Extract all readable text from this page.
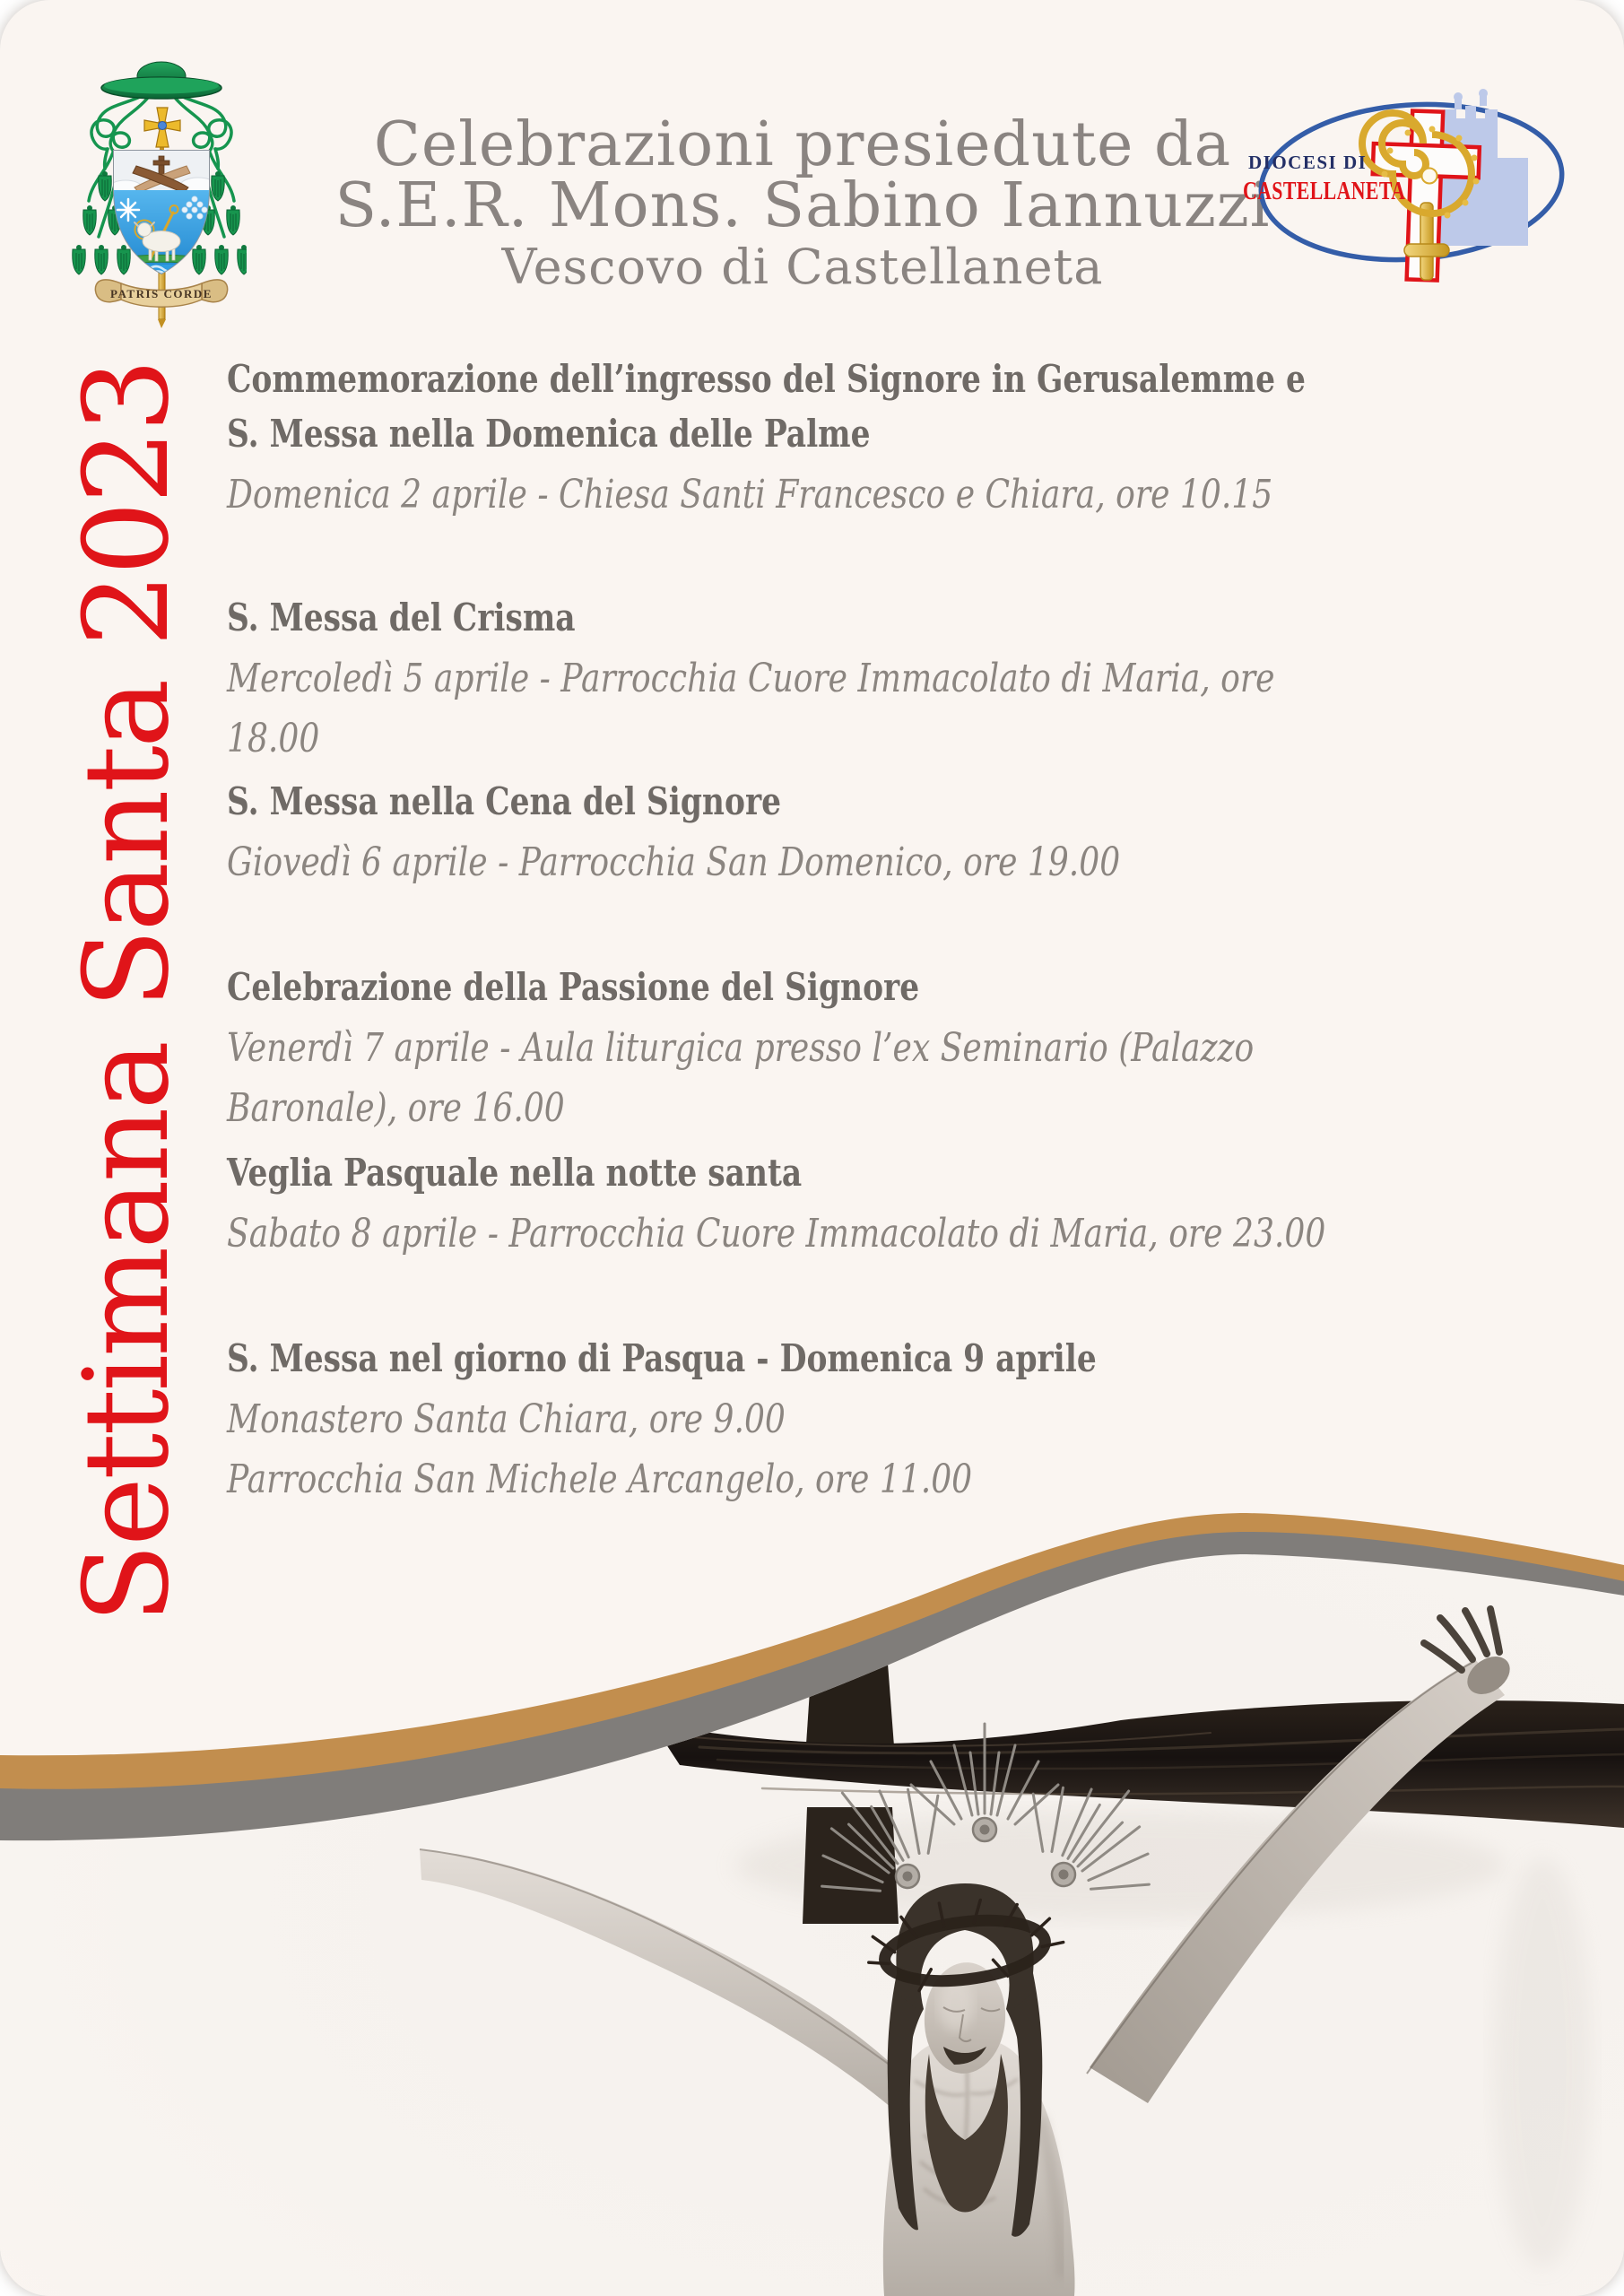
PATRIS CORDE
Celebrazioni presiedute da
S.E.R. Mons. Sabino Iannuzzi
Vescovo di Castellaneta
DIOCESI DI
CASTELLANETA
Settimana Santa 2023 Commemorazione dell’ingresso del Signore in Gerusalemme e
S. Messa nella Domenica delle Palme
Domenica 2 aprile - Chiesa Santi Francesco e Chiara, ore 10.15
S. Messa del Crisma
Mercoledì 5 aprile - Parrocchia Cuore Immacolato di Maria, ore 18.00
S. Messa nella Cena del Signore
Giovedì 6 aprile - Parrocchia San Domenico, ore 19.00
Celebrazione della Passione del Signore
Venerdì 7 aprile - Aula liturgica presso l’ex Seminario (Palazzo Baronale), ore 16.00
Veglia Pasquale nella notte santa
Sabato 8 aprile - Parrocchia Cuore Immacolato di Maria, ore 23.00
S. Messa nel giorno di Pasqua - Domenica 9 aprile
Monastero Santa Chiara, ore 9.00
Parrocchia San Michele Arcangelo, ore 11.00
